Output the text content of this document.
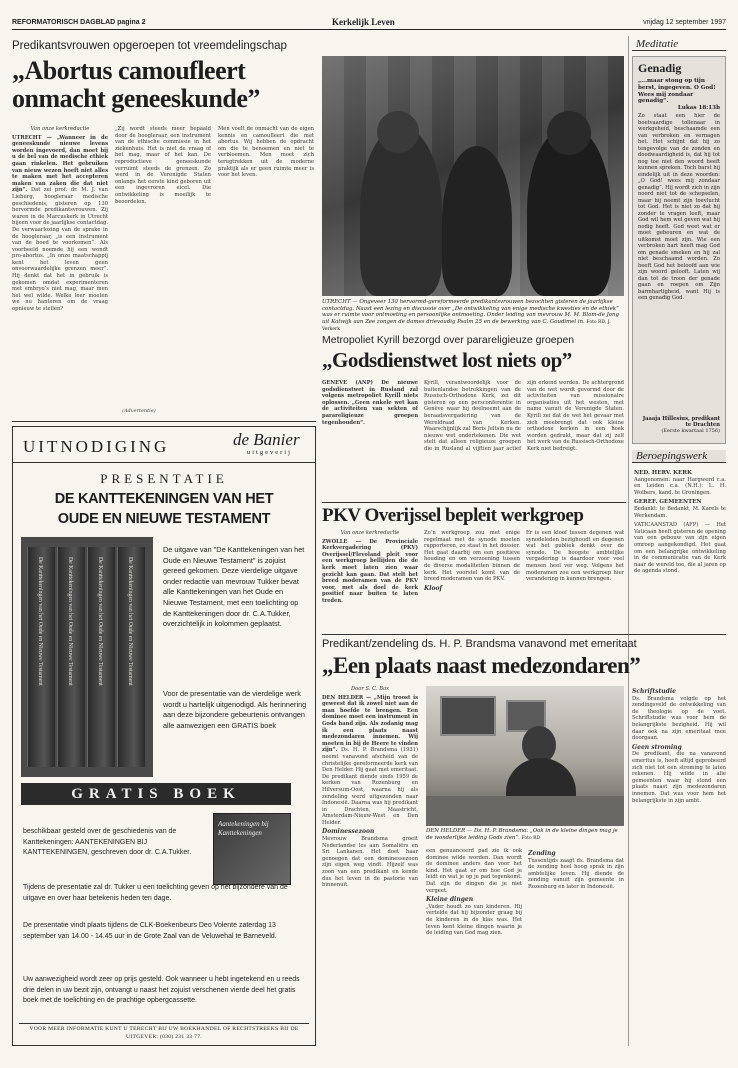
REFORMATORISCH DAGBLAD pagina 2	Kerkelijk Leven	vrijdag 12 september 1997
Predikantsvrouwen opgeroepen tot vreemdelingschap
„Abortus camoufleert
onmacht geneeskunde”
Van onze kerkredactie
UTRECHT — „Wanneer in de geneeskunde nieuwe levens worden ingevoerd, dan moet bij u de bel van de medische ethiek gaan rinkelen. Het gebruiken van nieuw wezen hoeft niet alles te maken met het accepteren maken van zaken die dat niet zijn”. Dat zei prof. dr. M. J. van Lieburg, hoogleraar medische geschiedenis, gisteren op 130 hervormde predikantsvrouwen. Zij waren in de Marcuskerk in Utrecht bijeen voor de jaarlijkse contactdag. De verwaarlozing van de sprake in de hoogleraar, „is een instrument van de boed te voorkomen”. Als voorbeeld noemde hij een wondt pro-abortus. „In onze maatschappij kent het leven geen onvoorwaardelijke grenzen meer”. Hij denkt dat het in gebruik is gekomen omdat experimenteren met embryo’s niet mag, maar men het wel wilde. Welke leer moeten we nu hanteren om de vraag opnieuw te stellen?
„Zij wordt steeds meer bepaald door de hoogleraar, een instrument van de ethische commissie in het ziekenhuis. Het is niet de vraag of het mag, maar of het kan. De reproductieve geneeskunde verruimt steeds de grenzen. Zo werd in de Verenigde Staten onlangs het eerste kind geboren uit een ingevroren eicel. Die ontwikkeling is moeilijk te beoordelen.
Men voelt de onmacht van de eigen kennis en camoufleert die met abortus. Wij hebben de opdracht om die te benoemen en niet te verbloemen. Men moet zich terugtrekken uit de moderne praktijk als er geen ruimte meer is voor het leven.
(Advertentie)
UTRECHT — Ongeveer 130 hervormd-gereformeerde predikantsvrouwen bezochten gisteren de jaarlijkse contactdag. Naast een lezing en discussie over „De ontwikkeling van enige medische kwesties en de ethiek” was er ruimte voor ontmoeting en persoonlijke ontmoeting. Onder leiding van mevrouw M. M. Blom-de Jong uit Katwijk aan Zee zongen de dames drievoudig Psalm 25 en de bewerking van C. Goudimel in. Foto RD, J. Verkerk
Metropoliet Kyrill bezorgd over parareligieuze groepen
„Godsdienstwet lost niets op”
GENEVE (ANP) De nieuwe godsdienstwet in Rusland zal volgens metropoliet Kyrill niets oplossen. „Geen enkele wet kan de activiteiten van sekten of parareligieuze groepen tegenhouden”.
Kyrill, verantwoordelijk voor de buitenlandse betrekkingen van de Russisch-Orthodoxe Kerk, zei dit gisteren op een persconferentie in Genève waar hij deelneemt aan de beraadsvergadering van de Wereldraad van Kerken. Waarschijnlijk zal Boris Jeltsin nu de nieuwe wet ondertekenen. Die wet stelt dat alleen religieuze groepen die in Rusland al vijftien jaar actief zijn erkend worden. De achtergrond van de wet wordt gevormd door de activiteiten van missionaire organisaties uit het westen, met name vanuit de Verenigde Staten. Kyrill zei dat de wet het gevaar met zich meebrengt dat ook kleine orthodoxe kerken in een hoek worden gedrukt, maar dat zij zelf het werk van de Russisch-Orthodoxe Kerk niet bedreigt.
Meditatie
Genadig
„...maar stong op tijn berst, ingegeven. O God! Wees mij zondaar genadig”.
Lukas 18:13b
Zo staat een hier de boetvaardige tollenaar in werkgeheid, beschaamde een van verbroken en vernagen het. Het schijnt dat hij zo tengevolge van de zonden en doodwaardigheid is, dat hij tot nog toe niet den woord heeft kunnen spreken. Toch barst hij eindelijk uit in deze woorden: „O God! wees mij zondaar genadig”. Hij wordt zich in zijn noord niet tot de schepselen, maar hij neemt zijn toevlucht tot God. Het is niet zo dat hij zonder te vragen leeft, maar God wil hem wel geven wat hij nodig heeft. God weet wat er moet gebeuren en wat de uitkomst moet zijn. Wie een verbroken hart heeft mag God om genade smeken en hij zal niet beschaamd worden. Zo heeft God het beloofd aan wie zijn woord gelooft. Laten wij dan tot de troon der genade gaan en roepen om Zijn barmhartigheid, want Hij is een genadig God.
Jaaaja Hillesius, predikant te Drachten
(Eerste kwartaal 1756)
Beroepingswerk
NED. HERV. KERK
Aangenomen: naar Hargwerd c.a. en Leiden c.a. (N.H.): L. H. Wolbers, kand. te Groningen.
GEREF. GEMEENTEN
Bedankt: te Bedankt, M. Karels te Werkendam.
VATICAANSTAD (AFP) — Het Vaticaan heeft gisteren de opening van een gebouw van zijn eigen omroep aangekondigd. Het gaat om een belangrijke ontwikkeling in de communicatie van de Kerk naar de wereld toe, die al jaren op de agenda stond.
UITNODIGING	de Banier
uitgeverij
PRESENTATIE
DE KANTTEKENINGEN VAN HET
OUDE EN NIEUWE TESTAMENT
De Kanttekeningen van het Oude en Nieuwe Testament	De Kanttekeningen van het Oude en Nieuwe Testament	De Kanttekeningen van het Oude en Nieuwe Testament	De Kanttekeningen van het Oude en Nieuwe Testament
De uitgave van "De Kanttekeningen van het Oude en Nieuwe Testament" is zojuist gereed gekomen. Deze vierdelige uitgave onder redactie van mevrouw Tukker bevat alle Kanttekeningen van het Oude en Nieuwe Testament, met een toelichting op de Kanttekeningen door dr. C.A.Tukker, overzichtelijk in kolommen geplaatst.
Voor de presentatie van de vierdelige werk wordt u hartelijk uitgenodigd. Als herinnering aan deze bijzondere gebeurtenis ontvangen alle aanwezigen een GRATIS boek
GRATIS BOEK
Aantekeningen bij Kanttekeningen
beschikbaar gesteld over de geschiedenis van de Kanttekeningen: AANTEKENINGEN BIJ KANTTEKENINGEN, geschreven door dr. C.A.Tukker.
Tijdens de presentatie zal dr. Tukker u een toelichting geven op het bijzondere van de uitgave en over haar betekenis heden ten dage.
De presentatie vindt plaats tijdens de CLK-Boekenbeurs Deo Volente zaterdag 13 september van 14.00 - 14.45 uur in de Grote Zaal van de Veluwehal te Barneveld.
Uw aanwezigheid wordt zeer op prijs gesteld. Ook wanneer u hebt ingetekend en u reeds drie delen in uw bezit zijn, ontvangt u naast het zojuist verschenen vierde deel het gratis boek met de toelichting en de prachtige opbergcassette.
VOOR MEER INFORMATIE KUNT U TERECHT BIJ UW BOEKHANDEL OF RECHTSTREEKS BIJ DE UITGEVER: (030) 231 33 77.
PKV Overijssel bepleit werkgroep
Van onze kerkredactie
ZWOLLE — De Provinciale Kerkvergadering (PKV) Overijssel/Flevoland pleit voor een werkgroep bellijden die de kerk moet laten zien waar gezicht kan gaan. Dat stelt het breed moderamen van de PKV voor, met als doel de kerk positief naar buiten te laten treden.
Zo’n werkgroep zou met enige regelmaat met de synode moeten rapporteren, zo staat in het dossier. Het gaat daarbij om een positieve houding en om verzoening tussen de diverse modaliteiten binnen de kerk. Het voorstel komt van de breed moderamen van de PKV.
Kloof
Er is een kloof tussen degenen wat synodeleden bezighoudt en degenen wat het publiek denkt over de synode. De hoogste ambtelijke vergadering is daardoor voor veel mensen heel ver weg. Volgens het moderamen zou een werkgroep hier verandering in kunnen brengen.
Predikant/zendeling ds. H. P. Brandsma vanavond met emeritaat
„Een plaats naast medezondaren”
Door S. C. Bax
DEN HELDER — „Mijn troost is geweest dat ik zowel niet aan de man hoefde te brengen. Een dominee moet een instrument in Gods hand zijn. Als zodanig mag ik een plaats naast medezondaren innemen. Wij moeten in bij de Heere te vinden zijn”. Ds. H. P. Brandsma (1931) neemt vanavond afscheid van de christelijke gereformeerde kerk van Den Helder. Hij gaat met emeritaat. De predikant diende sinds 1959 de kerken van Rozenburg en Hilversum-Oost, waarna hij als zendeling werd uitgezonden naar Indonesië. Daarna was hij predikant in Drachten, Maastricht, Amsterdam-Nieuw-West en Den Helder.
Dominessezoon
Mevrouw Brandsma groeit Nederlandse les aan Somaliërs en Sri Lankanen. Het doet haar genoegen dat een dominessezoon zijn eigen weg vindt. Hijzelf was zoon van een predikant en kende dus het leven in de pastorie van binnenuit.
DEN HELDER — Ds. H. P. Brandsma: „Ook in de kleine dingen mag je de wonderlijke leiding Gods zien”. Foto RD
een genuanceerd pad zie ik ook dominee wilde worden. Dan wordt de dominee anders dan voor het kind. Het gaat er om hoe God je leidt en wat je op je pad tegenkomt. Dat zijn de dingen die je niet vergeet.
Kleine dingen
„Vader houdt zo van kinderen. Hij vertelde dat hij bijzonder graag bij de kinderen in de klas was. Het leven kent kleine dingen waarin je de leiding van God mag zien.
Zending
Tussentijds zaagt ds. Brandsma dat de zending heel hoog sprak in zijn ambtelijke leven. Hij diende de zending vanuit zijn gemeente in Rozenburg en later in Indonesië.
Schriftstudie
Ds. Brandsma volgde op het zendingsveld de ontwikkeling van de theologie op de voet. Schriftstudie was voor hem de belangrijkste bezigheid. Hij wil daar ook na zijn emeritaat mee doorgaan.
Geen stroming
De predikant, die na vanavond emeritus is, heeft altijd geprobeerd zich niet tot een stroming te laten rekenen. Hij wilde in alle gemeenten waar hij stond een plaats naast zijn medezondaren innemen. Dat was voor hem het belangrijkste in zijn ambt.
